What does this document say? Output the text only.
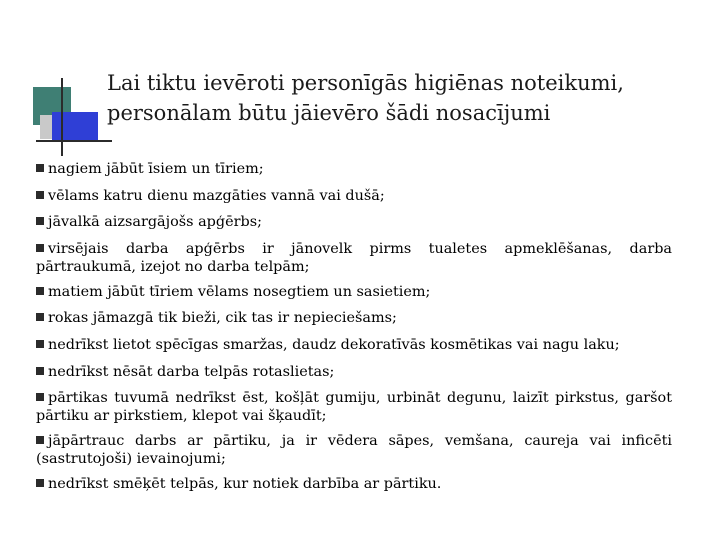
Lai tiktu ievēroti personīgās higiēnas noteikumi,
personālam būtu jāievēro šādi nosacījumi
nagiem jābūt īsiem un tīriem;
vēlams katru dienu mazgāties vannā vai dušā;
jāvalkā aizsargājošs apģērbs;
virsējais darba apģērbs ir jānovelk pirms tualetes apmeklēšanas, darba pārtraukumā, izejot no darba telpām;
matiem jābūt tīriem vēlams nosegtiem un sasietiem;
rokas jāmazgā tik bieži, cik tas ir nepieciešams;
nedrīkst lietot spēcīgas smaržas, daudz dekoratīvās kosmētikas vai nagu laku;
nedrīkst nēsāt darba telpās rotaslietas;
pārtikas tuvumā nedrīkst ēst, košļāt gumiju, urbināt degunu, laizīt pirkstus, garšot pārtiku ar pirkstiem, klepot vai šķaudīt;
jāpārtrauc darbs ar pārtiku, ja ir vēdera sāpes, vemšana, caureja vai inficēti (sastrutojoši) ievainojumi;
nedrīkst smēķēt telpās, kur notiek darbība ar pārtiku.
